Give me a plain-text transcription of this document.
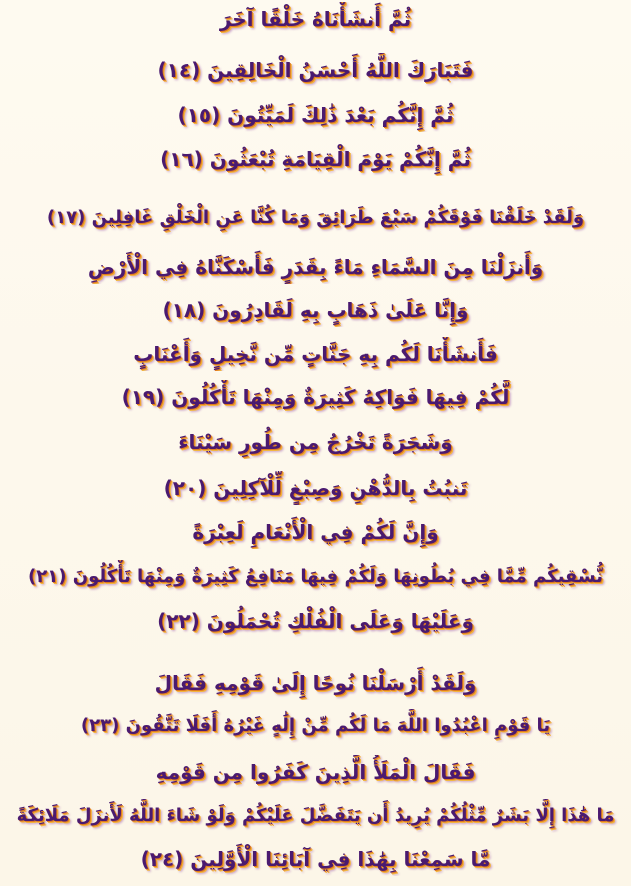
ثُمَّ أَنشَأْنَاهُ خَلْقًا آخَرَ
فَتَبَارَكَ اللَّهُ أَحْسَنُ الْخَالِقِينَ (١٤)
ثُمَّ إِنَّكُم بَعْدَ ذَٰلِكَ لَمَيِّتُونَ (١٥)
ثُمَّ إِنَّكُمْ يَوْمَ الْقِيَامَةِ تُبْعَثُونَ (١٦)
وَلَقَدْ خَلَقْنَا فَوْقَكُمْ سَبْعَ طَرَائِقَ وَمَا كُنَّا عَنِ الْخَلْقِ غَافِلِينَ (١٧)
وَأَنزَلْنَا مِنَ السَّمَاءِ مَاءً بِقَدَرٍ فَأَسْكَنَّاهُ فِي الْأَرْضِ
وَإِنَّا عَلَىٰ ذَهَابٍ بِهِ لَقَادِرُونَ (١٨)
فَأَنشَأْنَا لَكُم بِهِ جَنَّاتٍ مِّن نَّخِيلٍ وَأَعْنَابٍ
لَّكُمْ فِيهَا فَوَاكِهُ كَثِيرَةٌ وَمِنْهَا تَأْكُلُونَ (١٩)
وَشَجَرَةً تَخْرُجُ مِن طُورِ سَيْنَاءَ
تَنبُتُ بِالدُّهْنِ وَصِبْغٍ لِّلْآكِلِينَ (٢٠)
وَإِنَّ لَكُمْ فِي الْأَنْعَامِ لَعِبْرَةً
نُّسْقِيكُم مِّمَّا فِي بُطُونِهَا وَلَكُمْ فِيهَا مَنَافِعُ كَثِيرَةٌ وَمِنْهَا تَأْكُلُونَ (٢١)
وَعَلَيْهَا وَعَلَى الْفُلْكِ تُحْمَلُونَ (٢٢)
وَلَقَدْ أَرْسَلْنَا نُوحًا إِلَىٰ قَوْمِهِ فَقَالَ
يَا قَوْمِ اعْبُدُوا اللَّهَ مَا لَكُم مِّنْ إِلَٰهٍ غَيْرُهُ أَفَلَا تَتَّقُونَ (٢٣)
فَقَالَ الْمَلَأُ الَّذِينَ كَفَرُوا مِن قَوْمِهِ
مَا هَٰذَا إِلَّا بَشَرٌ مِّثْلُكُمْ يُرِيدُ أَن يَتَفَضَّلَ عَلَيْكُمْ وَلَوْ شَاءَ اللَّهُ لَأَنزَلَ مَلَائِكَةً
مَّا سَمِعْنَا بِهَٰذَا فِي آبَائِنَا الْأَوَّلِينَ (٢٤)
